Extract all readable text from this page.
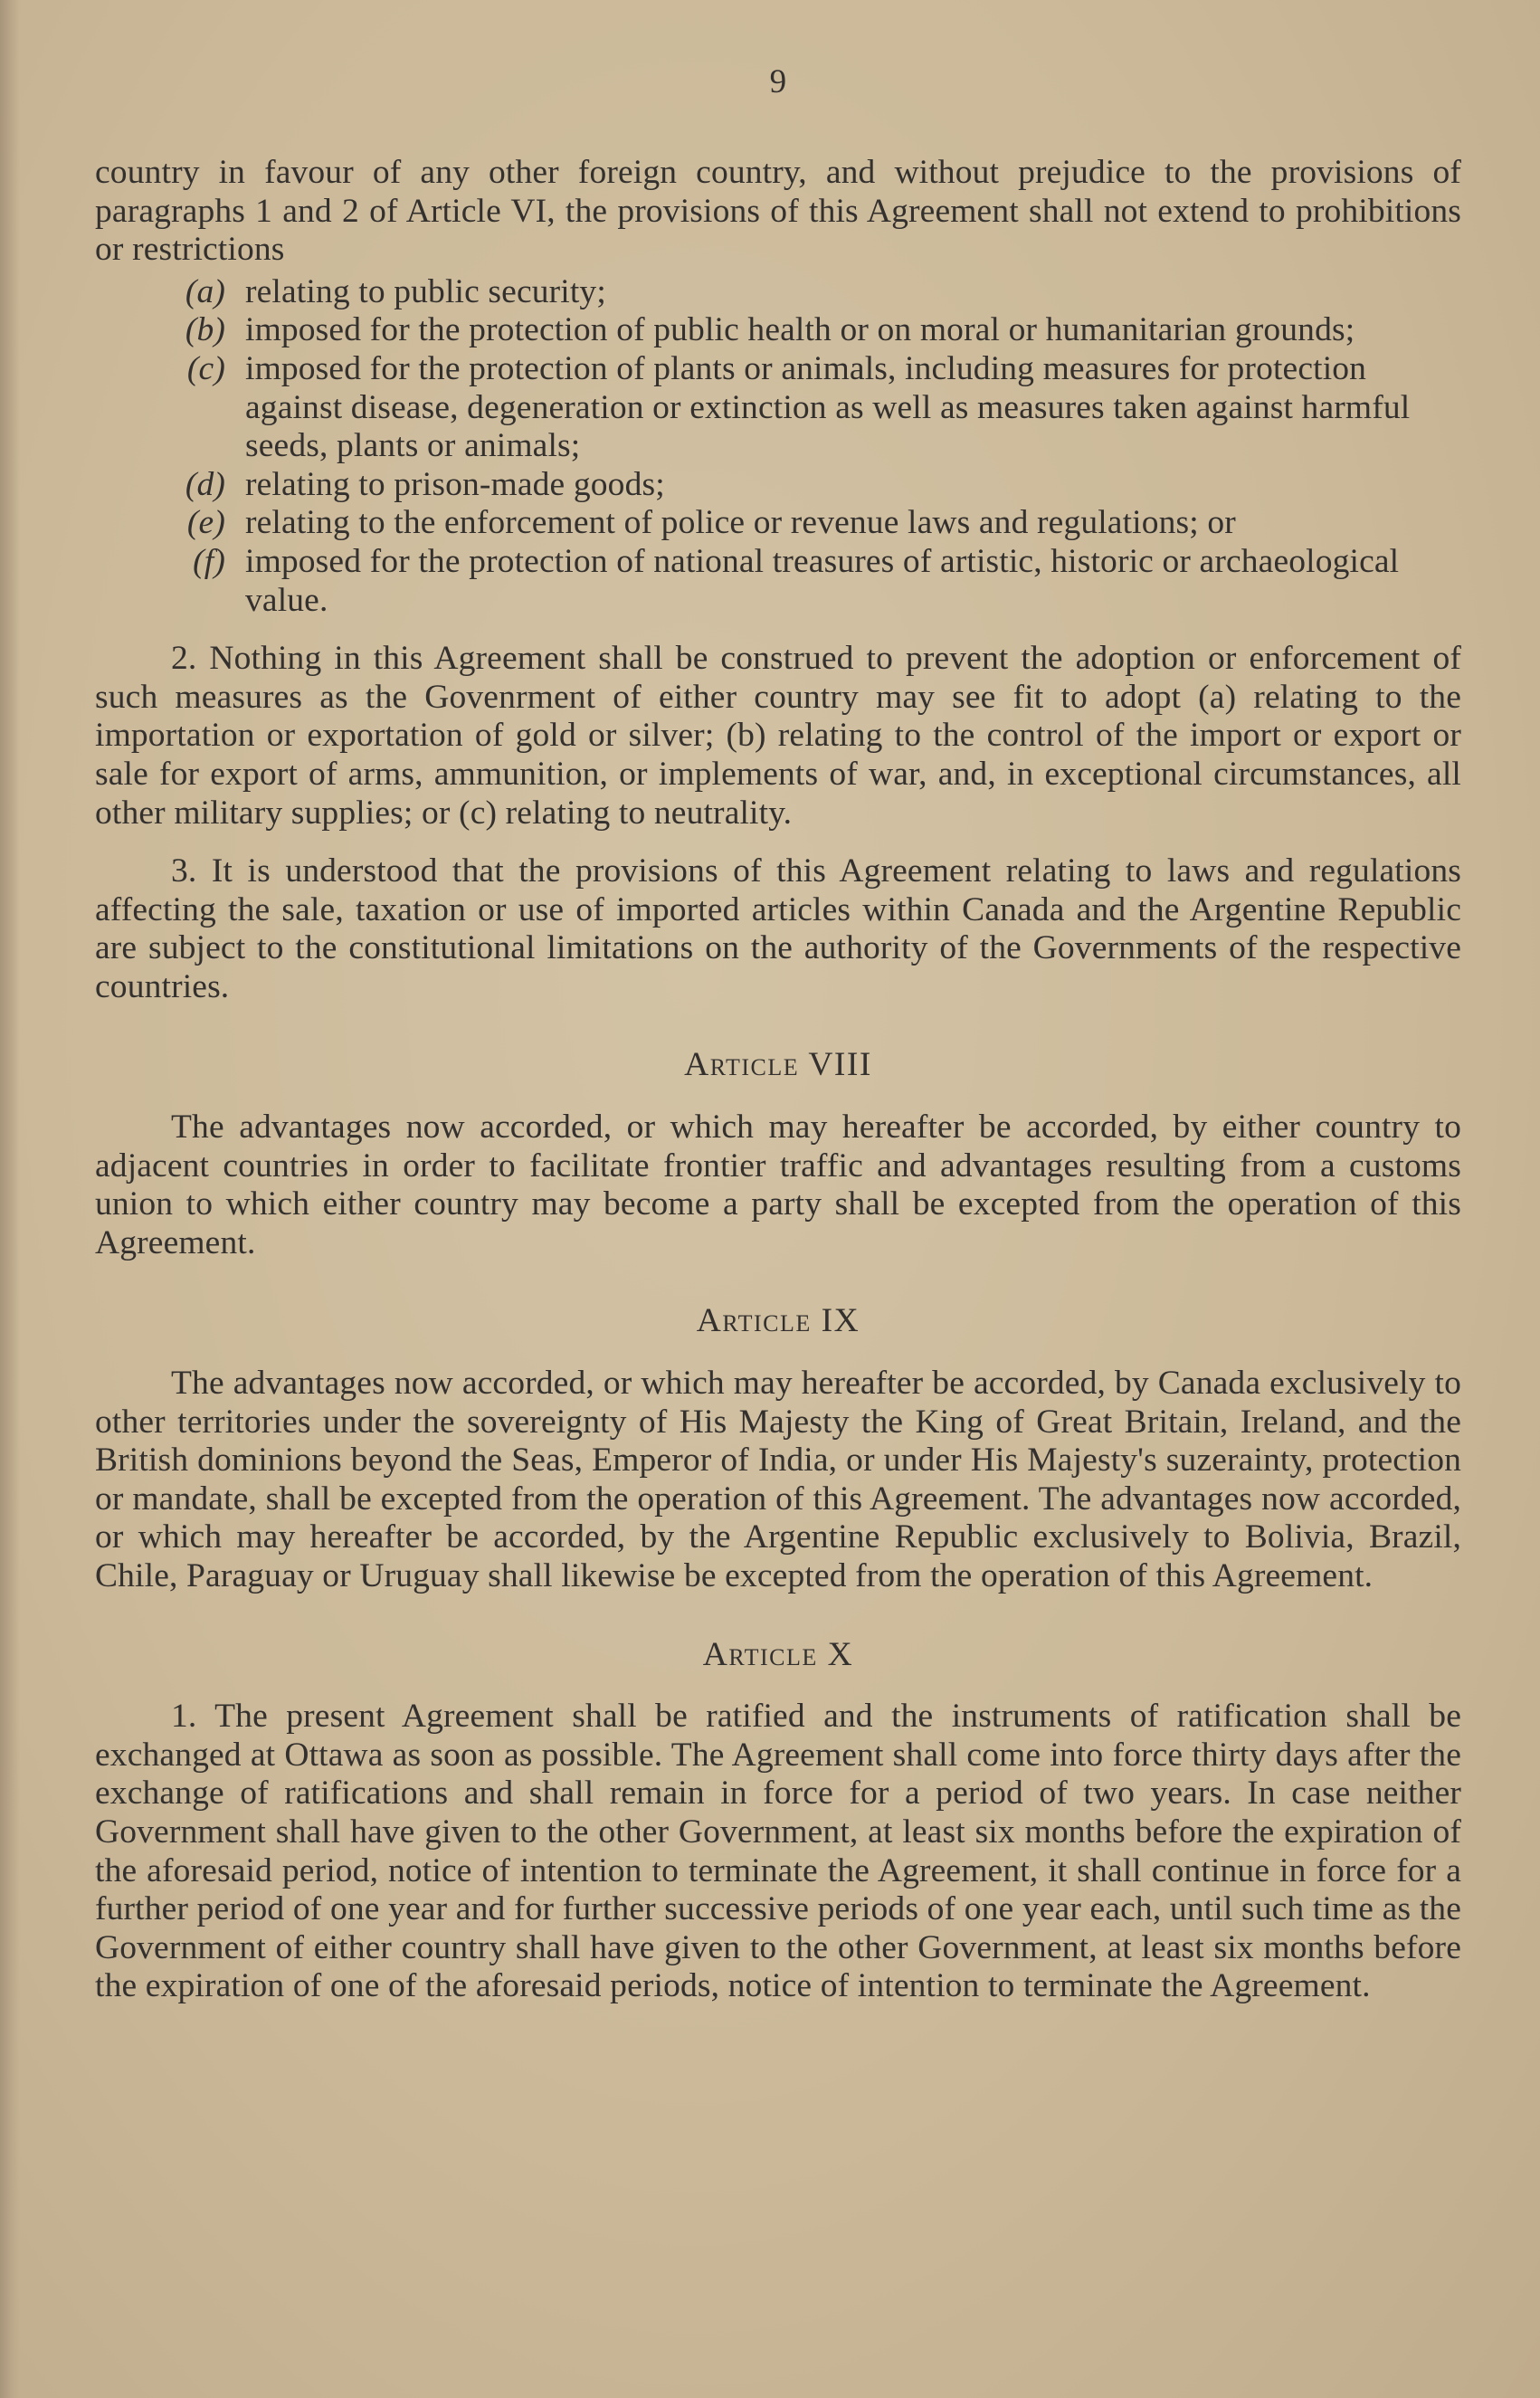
9

country in favour of any other foreign country, and without prejudice to the provisions of paragraphs 1 and 2 of Article VI, the provisions of this Agreement shall not extend to prohibitions or restrictions

(a) relating to public security;
(b) imposed for the protection of public health or on moral or humanitarian grounds;
(c) imposed for the protection of plants or animals, including measures for protection against disease, degeneration or extinction as well as measures taken against harmful seeds, plants or animals;
(d) relating to prison-made goods;
(e) relating to the enforcement of police or revenue laws and regulations; or
(f) imposed for the protection of national treasures of artistic, historic or archaeological value.

2. Nothing in this Agreement shall be construed to prevent the adoption or enforcement of such measures as the Govenrment of either country may see fit to adopt (a) relating to the importation or exportation of gold or silver; (b) relating to the control of the import or export or sale for export of arms, ammunition, or implements of war, and, in exceptional circumstances, all other military supplies; or (c) relating to neutrality.

3. It is understood that the provisions of this Agreement relating to laws and regulations affecting the sale, taxation or use of imported articles within Canada and the Argentine Republic are subject to the constitutional limitations on the authority of the Governments of the respective countries.

Article VIII

The advantages now accorded, or which may hereafter be accorded, by either country to adjacent countries in order to facilitate frontier traffic and advantages resulting from a customs union to which either country may become a party shall be excepted from the operation of this Agreement.

Article IX

The advantages now accorded, or which may hereafter be accorded, by Canada exclusively to other territories under the sovereignty of His Majesty the King of Great Britain, Ireland, and the British dominions beyond the Seas, Emperor of India, or under His Majesty's suzerainty, protection or mandate, shall be excepted from the operation of this Agreement. The advantages now accorded, or which may hereafter be accorded, by the Argentine Republic exclusively to Bolivia, Brazil, Chile, Paraguay or Uruguay shall likewise be excepted from the operation of this Agreement.

Article X

1. The present Agreement shall be ratified and the instruments of ratification shall be exchanged at Ottawa as soon as possible. The Agreement shall come into force thirty days after the exchange of ratifications and shall remain in force for a period of two years. In case neither Government shall have given to the other Government, at least six months before the expiration of the aforesaid period, notice of intention to terminate the Agreement, it shall continue in force for a further period of one year and for further successive periods of one year each, until such time as the Government of either country shall have given to the other Government, at least six months before the expiration of one of the aforesaid periods, notice of intention to terminate the Agreement.
